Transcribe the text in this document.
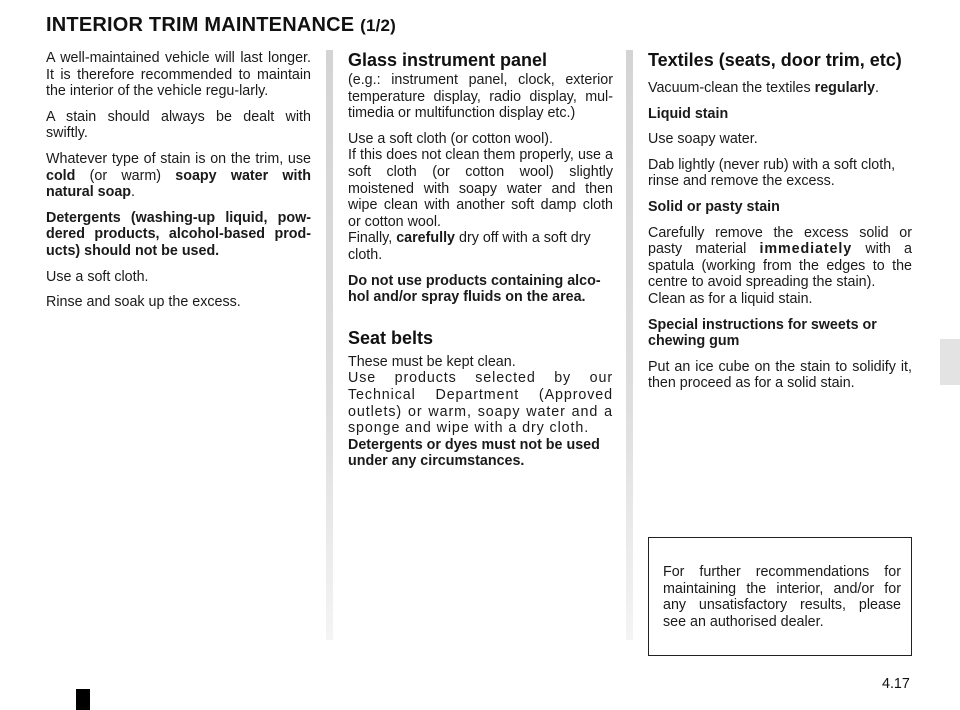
INTERIOR TRIM MAINTENANCE (1/2)

A well-maintained vehicle will last longer. It is therefore recommended to maintain the interior of the vehicle regu-larly.

A stain should always be dealt with swiftly.

Whatever type of stain is on the trim, use cold (or warm) soapy water with natural soap.

Detergents (washing-up liquid, pow-dered products, alcohol-based prod-ucts) should not be used.

Use a soft cloth.

Rinse and soak up the excess.

Glass instrument panel

(e.g.: instrument panel, clock, exterior temperature display, radio display, mul-timedia or multifunction display etc.)

Use a soft cloth (or cotton wool).

If this does not clean them properly, use a soft cloth (or cotton wool) slightly moistened with soapy water and then wipe clean with another soft damp cloth or cotton wool.
Finally, carefully dry off with a soft dry cloth.

Do not use products containing alco-hol and/or spray fluids on the area.

Seat belts

These must be kept clean.

Use products selected by our Technical Department (Approved outlets) or warm, soapy water and a sponge and wipe with a dry cloth.
Detergents or dyes must not be used under any circumstances.

Textiles (seats, door trim, etc)

Vacuum-clean the textiles regularly.

Liquid stain

Use soapy water.

Dab lightly (never rub) with a soft cloth, rinse and remove the excess.

Solid or pasty stain

Carefully remove the excess solid or pasty material immediately with a spatula (working from the edges to the centre to avoid spreading the stain).
Clean as for a liquid stain.

Special instructions for sweets or chewing gum

Put an ice cube on the stain to solidify it, then proceed as for a solid stain.

For further recommendations for maintaining the interior, and/or for any unsatisfactory results, please see an authorised dealer.
4.17
